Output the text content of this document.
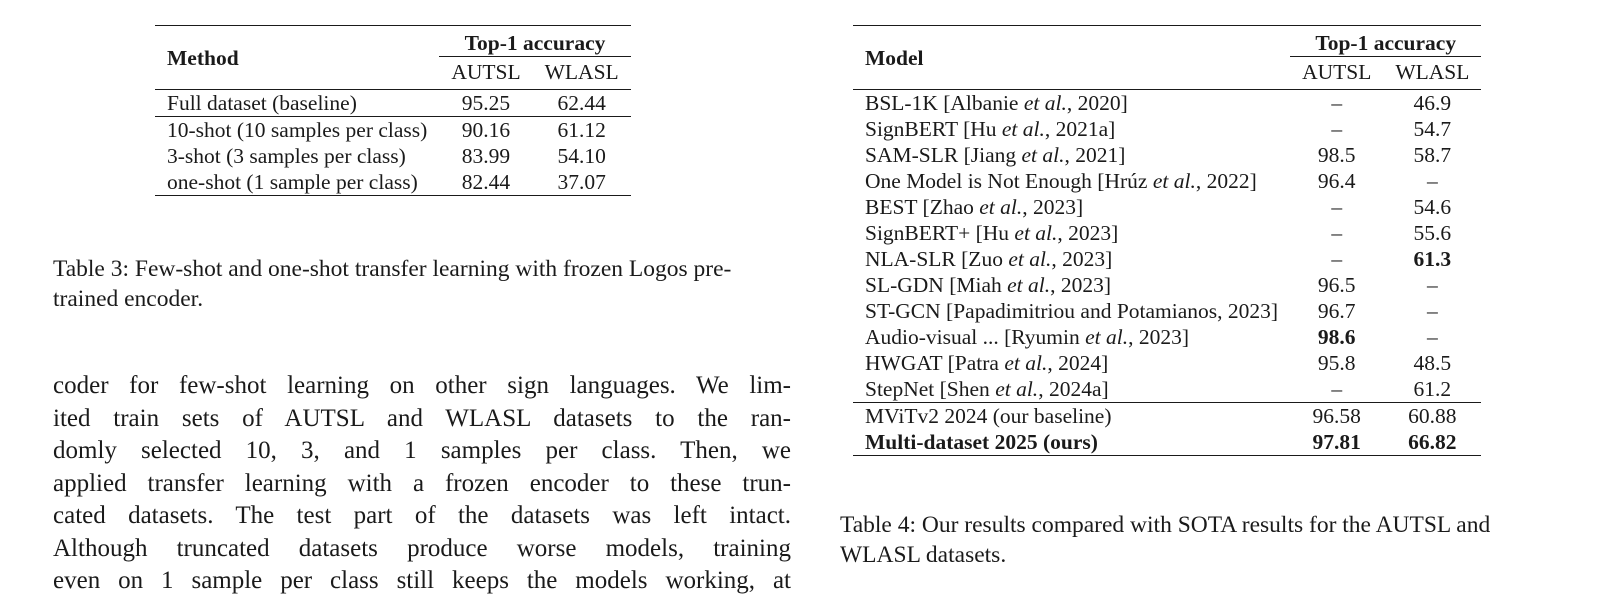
Method	Top-1 accuracy	
	AUTSL	WLASL
Full dataset (baseline)	95.25	62.44
10-shot (10 samples per class)	90.16	61.12
3-shot (3 samples per class)	83.99	54.10
one-shot (1 sample per class)	82.44	37.07
Table 3: Few-shot and one-shot transfer learning with frozen Logos pre-trained encoder.
coder for few-shot learning on other sign languages. We lim-
ited train sets of AUTSL and WLASL datasets to the ran-
domly selected 10, 3, and 1 samples per class. Then, we
applied transfer learning with a frozen encoder to these trun-
cated datasets. The test part of the datasets was left intact.
Although truncated datasets produce worse models, training
even on 1 sample per class still keeps the models working, at
Model	Top-1 accuracy	
	AUTSL	WLASL
BSL-1K [Albanie et al., 2020]	–	46.9
SignBERT [Hu et al., 2021a]	–	54.7
SAM-SLR [Jiang et al., 2021]	98.5	58.7
One Model is Not Enough [Hrúz et al., 2022]	96.4	–
BEST [Zhao et al., 2023]	–	54.6
SignBERT+ [Hu et al., 2023]	–	55.6
NLA-SLR [Zuo et al., 2023]	–	61.3
SL-GDN [Miah et al., 2023]	96.5	–
ST-GCN [Papadimitriou and Potamianos, 2023]	96.7	–
Audio-visual ... [Ryumin et al., 2023]	98.6	–
HWGAT [Patra et al., 2024]	95.8	48.5
StepNet [Shen et al., 2024a]	–	61.2
MViTv2 2024 (our baseline)	96.58	60.88
Multi-dataset 2025 (ours)	97.81	66.82
Table 4: Our results compared with SOTA results for the AUTSL and WLASL datasets.
